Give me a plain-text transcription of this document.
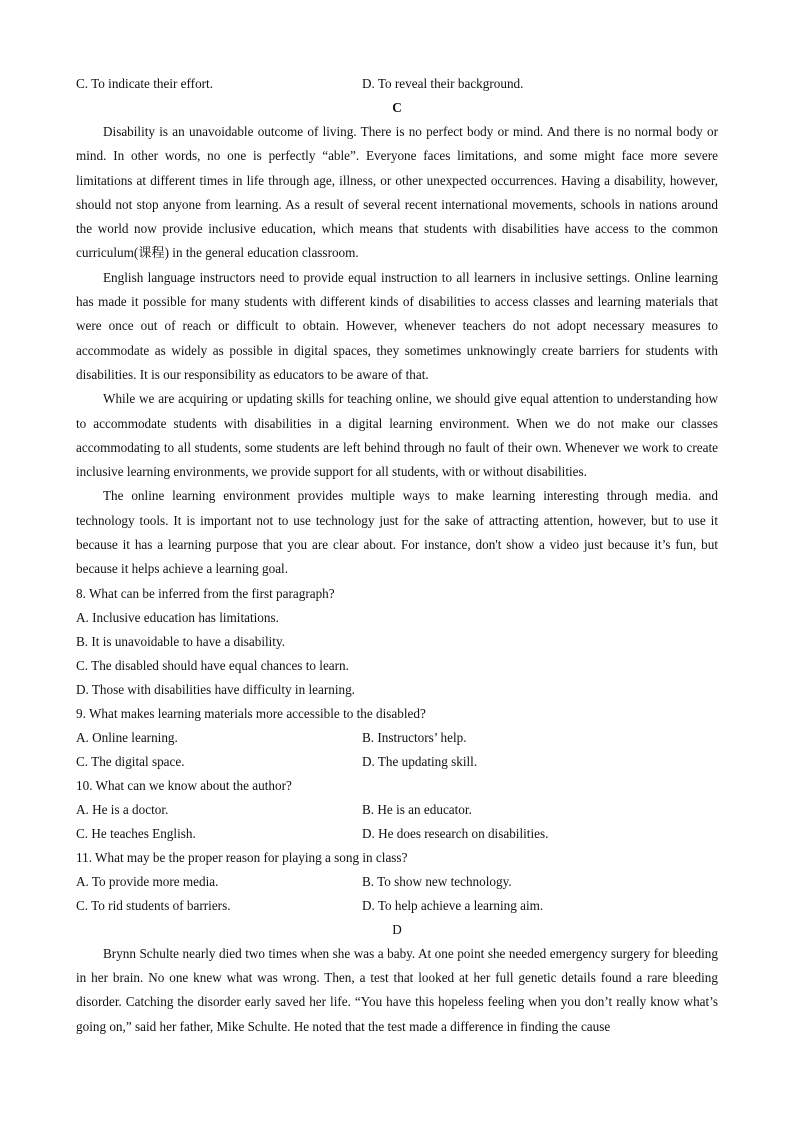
C. To indicate their effort.	D. To reveal their background.
C

Disability is an unavoidable outcome of living. There is no perfect body or mind. And there is no normal body or mind. In other words, no one is perfectly “able”. Everyone faces limitations, and some might face more severe limitations at different times in life through age, illness, or other unexpected occurrences. Having a disability, however, should not stop anyone from learning. As a result of several recent international movements, schools in nations around the world now provide inclusive education, which means that students with disabilities have access to the common curriculum(课程) in the general education classroom.

English language instructors need to provide equal instruction to all learners in inclusive settings. Online learning has made it possible for many students with different kinds of disabilities to access classes and learning materials that were once out of reach or difficult to obtain. However, whenever teachers do not adopt necessary measures to accommodate as widely as possible in digital spaces, they sometimes unknowingly create barriers for students with disabilities. It is our responsibility as educators to be aware of that.

While we are acquiring or updating skills for teaching online, we should give equal attention to understanding how to accommodate students with disabilities in a digital learning environment. When we do not make our classes accommodating to all students, some students are left behind through no fault of their own. Whenever we work to create inclusive learning environments, we provide support for all students, with or without disabilities.

The online learning environment provides multiple ways to make learning interesting through media. and technology tools. It is important not to use technology just for the sake of attracting attention, however, but to use it because it has a learning purpose that you are clear about. For instance, don't show a video just because it’s fun, but because it helps achieve a learning goal.

8. What can be inferred from the first paragraph?
A. Inclusive education has limitations.
B. It is unavoidable to have a disability.
C. The disabled should have equal chances to learn.
D. Those with disabilities have difficulty in learning.
9. What makes learning materials more accessible to the disabled?
A. Online learning.	B. Instructors’ help.
C. The digital space.	D. The updating skill.
10. What can we know about the author?
A. He is a doctor.	B. He is an educator.
C. He teaches English.	D. He does research on disabilities.
11. What may be the proper reason for playing a song in class?
A. To provide more media.	B. To show new technology.
C. To rid students of barriers.	D. To help achieve a learning aim.
D

Brynn Schulte nearly died two times when she was a baby. At one point she needed emergency surgery for bleeding in her brain. No one knew what was wrong. Then, a test that looked at her full genetic details found a rare bleeding disorder. Catching the disorder early saved her life. “You have this hopeless feeling when you don’t really know what’s going on,” said her father, Mike Schulte. He noted that the test made a difference in finding the cause
